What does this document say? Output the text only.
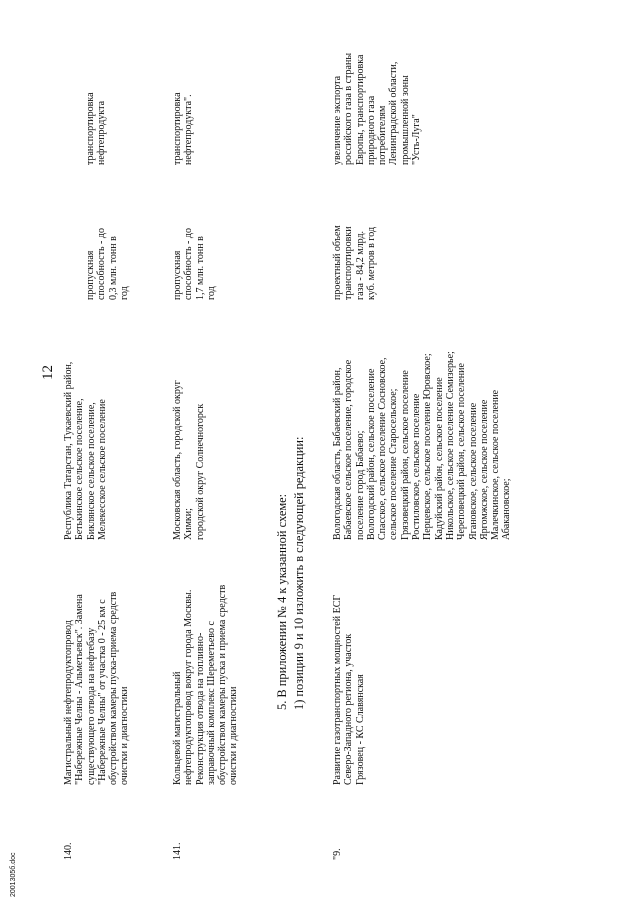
12
140.
Магистральный нефтепродуктопровод "Набережные Челны - Альметьевск". Замена существующего отвода на нефтебазу "Набережные Челны" от участка 0 - 25 км с обустройством камеры пуска-приема средств очистки и диагностики
Республика Татарстан, Тукаевский район, Бетькинское сельское поселение, Биклянское сельское поселение, Мелекесское сельское поселение
пропускная способность - до 0,3 млн. тонн в год
транспортировка нефтепродукта
141.
Кольцевой магистральный нефтепродуктопровод вокруг города Москвы. Реконструкция отвода на топливно- заправочный комплекс Шереметьево с обустройством камеры пуска и приема средств очистки и диагностики
Московская область, городской округ Химки; городской округ Солнечногорск
пропускная способность - до 1,7 млн. тонн в год
транспортировка нефтепродукта".
5. В приложении № 4 к указанной схеме: 1) позиции 9 и 10 изложить в следующей редакции:
"9.
Развитие газотранспортных мощностей ЕСГ Северо-Западного региона, участок Грязовец - КС Славянская
Вологодская область, Бабаевский район, Бабаевское сельское поселение, городское поселение город Бабаево; Вологодский район, сельское поселение Спасское, сельское поселение Сосновское, сельское поселение Старосельское; Грязовецкий район, сельское поселение Ростиловское, сельское поселение Перцевское, сельское поселение Юровское; Кадуйский район, сельское поселение Никольское, сельское поселение Семизерье; Череповецкий район, сельское поселение Ягановское, сельское поселение Яргомжское, сельское поселение Малечкинское, сельское поселение Абакановское;
проектный объем транспортировки газа - 84,2 млрд. куб. метров в год
увеличение экспорта российского газа в страны Европы, транспортировка природного газа потребителям Ленинградской области, промышленной зоны "Усть-Луга"
2001305б.doc
